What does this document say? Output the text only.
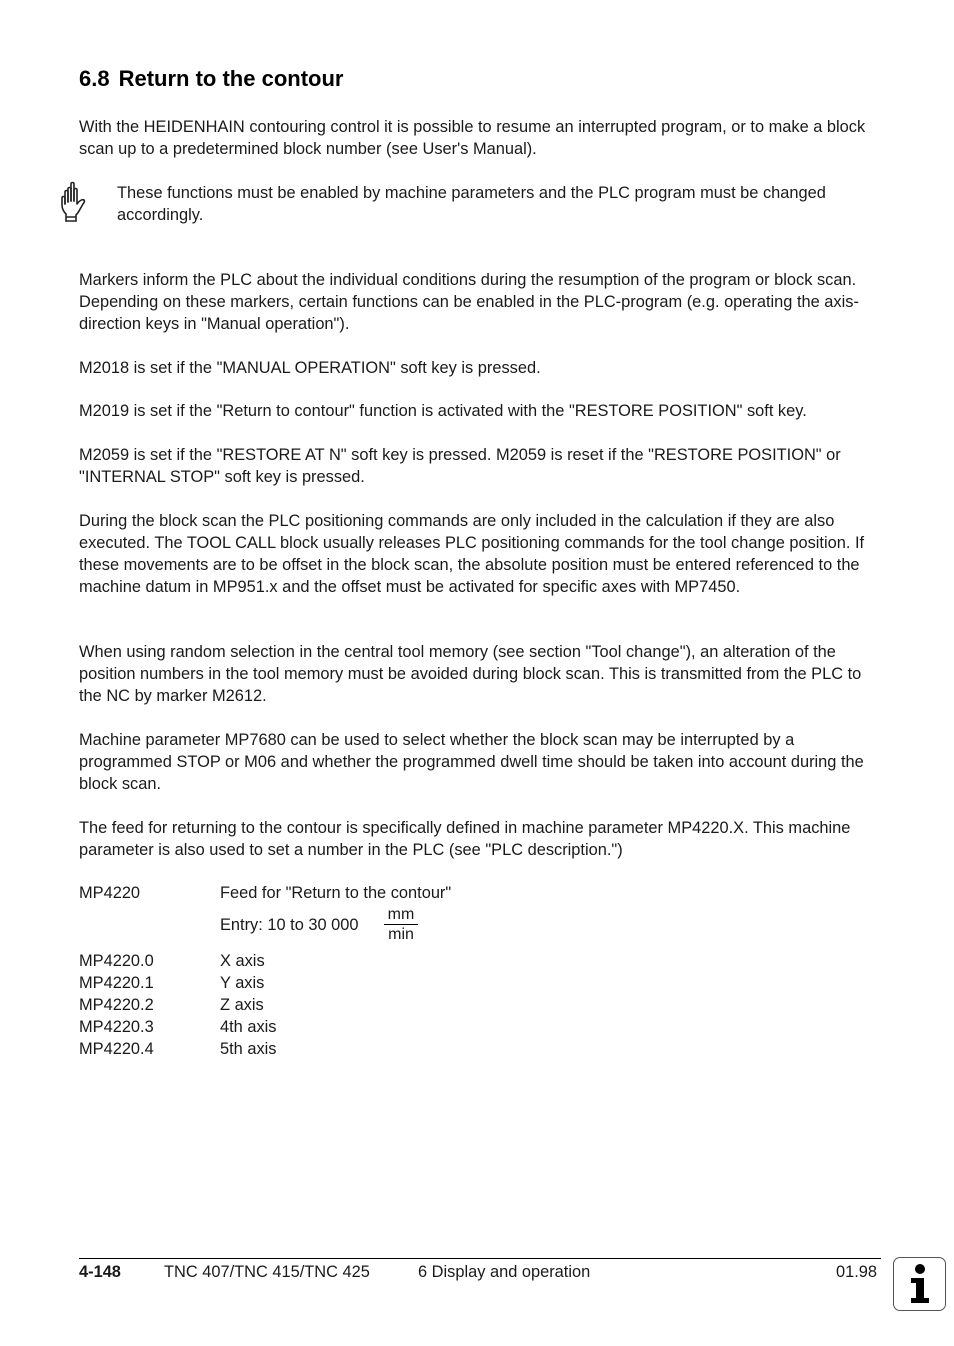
6.8 Return to the contour

With the HEIDENHAIN contouring control it is possible to resume an interrupted program, or to make a block scan up to a predetermined block number (see User's Manual).

These functions must be enabled by machine parameters and the PLC program must be changed accordingly.

Markers inform the PLC about the individual conditions during the resumption of the program or block scan. Depending on these markers, certain functions can be enabled in the PLC-program (e.g. operating the axis-direction keys in "Manual operation").

M2018 is set if the "MANUAL OPERATION" soft key is pressed.

M2019 is set if the "Return to contour" function is activated with the "RESTORE POSITION" soft key.

M2059 is set if the "RESTORE AT N" soft key is pressed. M2059 is reset if the "RESTORE POSITION" or "INTERNAL STOP" soft key is pressed.

During the block scan the PLC positioning commands are only included in the calculation if they are also executed. The TOOL CALL block usually releases PLC positioning commands for the tool change position. If these movements are to be offset in the block scan, the absolute position must be entered referenced to the machine datum in MP951.x and the offset must be activated for specific axes with MP7450.

When using random selection in the central tool memory (see section "Tool change"), an alteration of the position numbers in the tool memory must be avoided during block scan. This is transmitted from the PLC to the NC by marker M2612.

Machine parameter MP7680 can be used to select whether the block scan may be interrupted by a programmed STOP or M06 and whether the programmed dwell time should be taken into account during the block scan.

The feed for returning to the contour is specifically defined in machine parameter MP4220.X. This machine parameter is also used to set a number in the PLC (see "PLC description.")

MP4220	Feed for "Return to the contour"
Entry: 10 to 30 000
mm
min
MP4220.0	X axis
MP4220.1	Y axis
MP4220.2	Z axis
MP4220.3	4th axis
MP4220.4	5th axis
4-148	TNC 407/TNC 415/TNC 425	6 Display and operation	01.98
